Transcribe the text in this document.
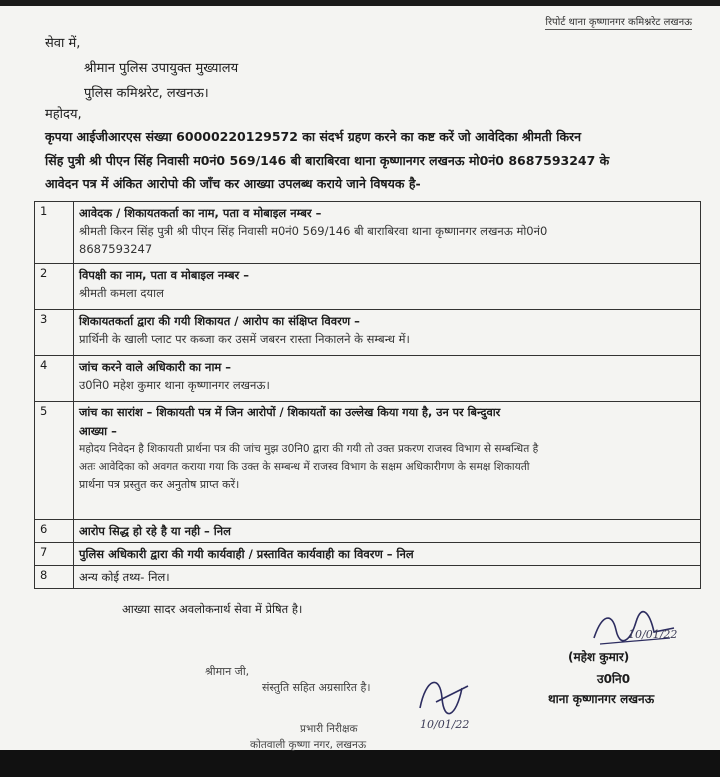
रिपोर्ट थाना कृष्णानगर कमिश्नरेट लखनऊ
सेवा में,
श्रीमान पुलिस उपायुक्त मुख्यालय
पुलिस कमिश्नरेट, लखनऊ।
महोदय,
कृपया आईजीआरएस संख्या 60000220129572 का संदर्भ ग्रहण करने का कष्ट करें जो आवेदिका श्रीमती किरन
सिंह पुत्री श्री पीएन सिंह निवासी म0नं0 569/146 बी बाराबिरवा थाना कृष्णानगर लखनऊ मो0नं0 8687593247 के
आवेदन पत्र में अंकित आरोपो की जाँच कर आख्या उपलब्ध कराये जाने विषयक है-
1	आवेदक / शिकायतकर्ता का नाम, पता व मोबाइल नम्बर –
श्रीमती किरन सिंह पुत्री श्री पीएन सिंह निवासी म0नं0 569/146 बी बाराबिरवा थाना कृष्णानगर लखनऊ मो0नं0
8687593247

2	विपक्षी का नाम, पता व मोबाइल नम्बर –
श्रीमती कमला दयाल

3	शिकायतकर्ता द्वारा की गयी शिकायत / आरोप का संक्षिप्त विवरण –
प्रार्थिनी के खाली प्लाट पर कब्जा कर उसमें जबरन रास्ता निकालने के सम्बन्ध में।

4	जांच करने वाले अधिकारी का नाम –
उ0नि0 महेश कुमार थाना कृष्णानगर लखनऊ।

5	जांच का सारांश – शिकायती पत्र में जिन आरोपों / शिकायतों का उल्लेख किया गया है, उन पर बिन्दुवार
आख्या –
महोदय निवेदन है शिकायती प्रार्थना पत्र की जांच मुझ उ0नि0 द्वारा की गयी तो उक्त प्रकरण राजस्व विभाग से सम्बन्धित है
अतः आवेदिका को अवगत कराया गया कि उक्त के सम्बन्ध में राजस्व विभाग के सक्षम अधिकारीगण के समक्ष शिकायती
प्रार्थना पत्र प्रस्तुत कर अनुतोष प्राप्त करें।

6	आरोप सिद्ध हो रहे है या नही – निल

7	पुलिस अधिकारी द्वारा की गयी कार्यवाही / प्रस्तावित कार्यवाही का विवरण – निल

8	अन्य कोई तथ्य- निल।
आख्या सादर अवलोकनार्थ सेवा में प्रेषित है।
10/01/22
(महेश कुमार)
उ0नि0
थाना कृष्णानगर लखनऊ
श्रीमान जी,
संस्तुति सहित अग्रसारित है।
10/01/22
प्रभारी निरीक्षक
कोतवाली कृष्णा नगर, लखनऊ
